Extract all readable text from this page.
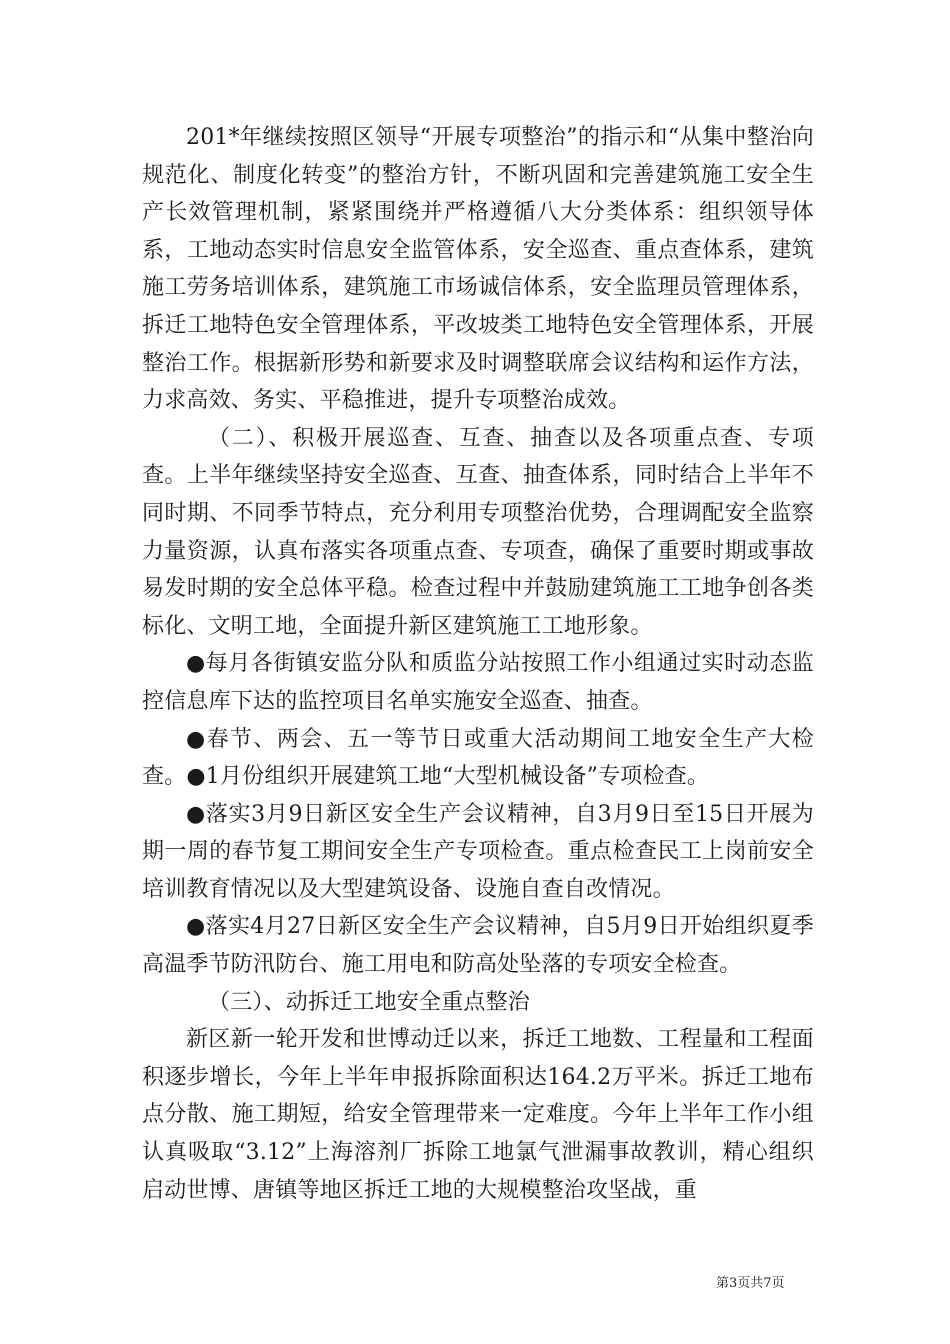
201*年继续按照区领导“开展专项整治”的指示和“从集中整治向规范化、制度化转变”的整治方针，不断巩固和完善建筑施工安全生产长效管理机制，紧紧围绕并严格遵循八大分类体系：组织领导体系，工地动态实时信息安全监管体系，安全巡查、重点查体系，建筑施工劳务培训体系，建筑施工市场诚信体系，安全监理员管理体系，拆迁工地特色安全管理体系，平改坡类工地特色安全管理体系，开展整治工作。根据新形势和新要求及时调整联席会议结构和运作方法，力求高效、务实、平稳推进，提升专项整治成效。

（二）、积极开展巡查、互查、抽查以及各项重点查、专项查。上半年继续坚持安全巡查、互查、抽查体系，同时结合上半年不同时期、不同季节特点，充分利用专项整治优势，合理调配安全监察力量资源，认真布落实各项重点查、专项查，确保了重要时期或事故易发时期的安全总体平稳。检查过程中并鼓励建筑施工工地争创各类标化、文明工地，全面提升新区建筑施工工地形象。

●每月各街镇安监分队和质监分站按照工作小组通过实时动态监控信息库下达的监控项目名单实施安全巡查、抽查。

●春节、两会、五一等节日或重大活动期间工地安全生产大检查。●1月份组织开展建筑工地“大型机械设备”专项检查。

●落实3月9日新区安全生产会议精神，自3月9日至15日开展为期一周的春节复工期间安全生产专项检查。重点检查民工上岗前安全培训教育情况以及大型建筑设备、设施自查自改情况。

●落实4月27日新区安全生产会议精神，自5月9日开始组织夏季高温季节防汛防台、施工用电和防高处坠落的专项安全检查。

（三）、动拆迁工地安全重点整治

新区新一轮开发和世博动迁以来，拆迁工地数、工程量和工程面积逐步增长，今年上半年申报拆除面积达164.2万平米。拆迁工地布点分散、施工期短，给安全管理带来一定难度。今年上半年工作小组认真吸取“3.12”上海溶剂厂拆除工地氯气泄漏事故教训，精心组织启动世博、唐镇等地区拆迁工地的大规模整治攻坚战，重

第3页共7页
